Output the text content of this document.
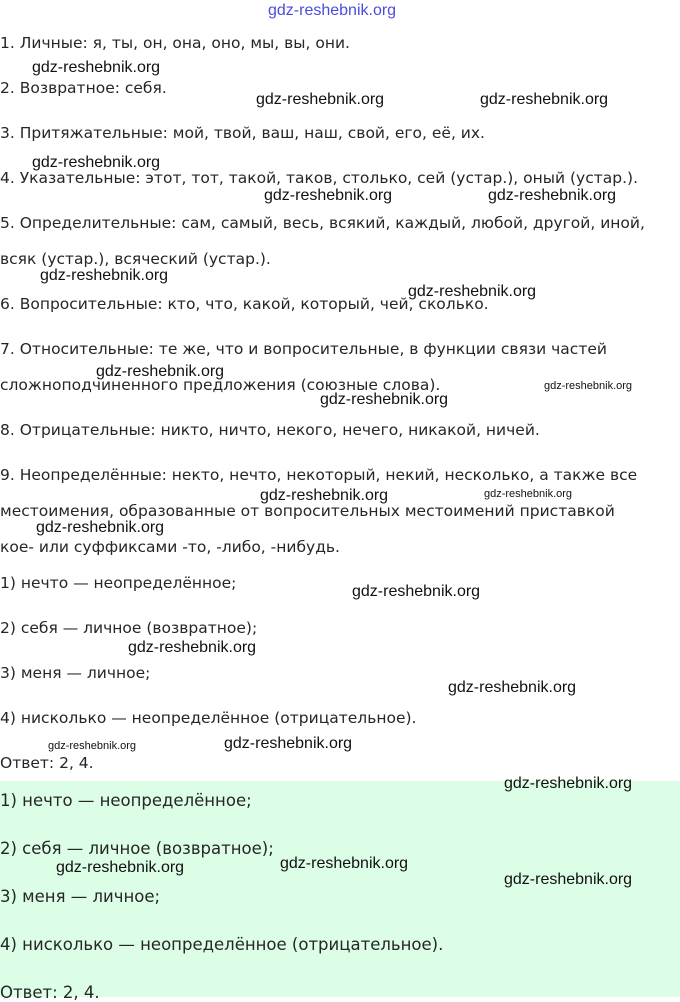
gdz-reshebnik.org
1. Личные: я, ты, он, она, оно, мы, вы, они.
2. Возвратное: себя.
3. Притяжательные: мой, твой, ваш, наш, свой, его, её, их.
4. Указательные: этот, тот, такой, таков, столько, сей (устар.), оный (устар.).
5. Определительные: сам, самый, весь, всякий, каждый, любой, другой, иной,
всяк (устар.), всяческий (устар.).
6. Вопросительные: кто, что, какой, который, чей, сколько.
7. Относительные: те же, что и вопросительные, в функции связи частей
сложноподчиненного предложения (союзные слова).
8. Отрицательные: никто, ничто, некого, нечего, никакой, ничей.
9. Неопределённые: некто, нечто, некоторый, некий, несколько, а также все
местоимения, образованные от вопросительных местоимений приставкой
кое- или суффиксами -то, -либо, -нибудь.
1) нечто — неопределённое;
2) себя — личное (возвратное);
3) меня — личное;
4) нисколько — неопределённое (отрицательное).
Ответ: 2, 4.
1) нечто — неопределённое;
2) себя — личное (возвратное);
3) меня — личное;
4) нисколько — неопределённое (отрицательное).
Ответ: 2, 4.
gdz-reshebnik.org
gdz-reshebnik.org	gdz-reshebnik.org
gdz-reshebnik.org
gdz-reshebnik.org	gdz-reshebnik.org
gdz-reshebnik.org
gdz-reshebnik.org
gdz-reshebnik.org
gdz-reshebnik.org
gdz-reshebnik.org
gdz-reshebnik.org	gdz-reshebnik.org
gdz-reshebnik.org
gdz-reshebnik.org
gdz-reshebnik.org
gdz-reshebnik.org
gdz-reshebnik.org	gdz-reshebnik.org
gdz-reshebnik.org
gdz-reshebnik.org	gdz-reshebnik.org
gdz-reshebnik.org
